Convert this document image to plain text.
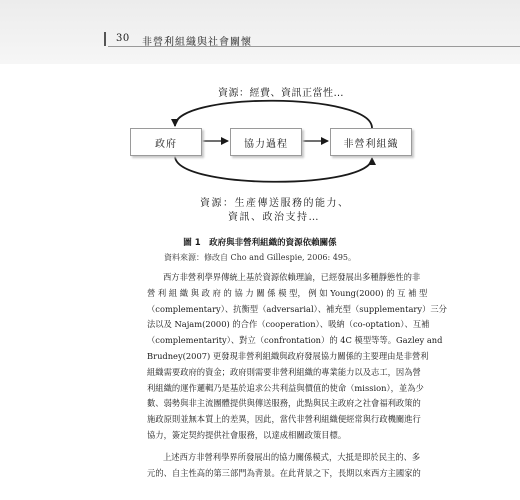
30 非營利組織與社會關懷
資源：經費、資訊正當性…
政府	協力過程	非營利組織
資源：生產傳送服務的能力、
資訊、政治支持…
圖 1　政府與非營利組織的資源依賴關係
資料來源：修改自 Cho and Gillespie, 2006: 495。
西方非營利學界傳統上基於資源依賴理論，已經發展出多種靜態性的非
營 利 組 織 與 政 府 的 協 力 關 係 模 型， 例 如 Young(2000) 的 互 補 型
（complementary）、抗衡型（adversarial）、補充型（supplementary）三分
法以及 Najam(2000) 的合作（cooperation）、吸納（co-optation）、互補
（complementarity）、對立（confrontation）的 4C 模型等等。Gazley and
Brudney(2007) 更發現非營利組織與政府發展協力關係的主要理由是非營利
組織需要政府的資金；政府則需要非營利組織的專業能力以及志工，因為營
利組織的運作邏輯乃是基於追求公共利益與價值的使命（mission），並為少
數、弱勢與非主流團體提供與傳送服務，此點與民主政府之社會福利政策的
施政原則並無本質上的差異，因此，當代非營利組織便經常與行政機關進行
協力，簽定契約提供社會服務，以達成相關政策目標。
上述西方非營利學界所發展出的協力關係模式，大抵是即於民主的、多
元的、自主性高的第三部門為背景。在此背景之下，長期以來西方主國家的
